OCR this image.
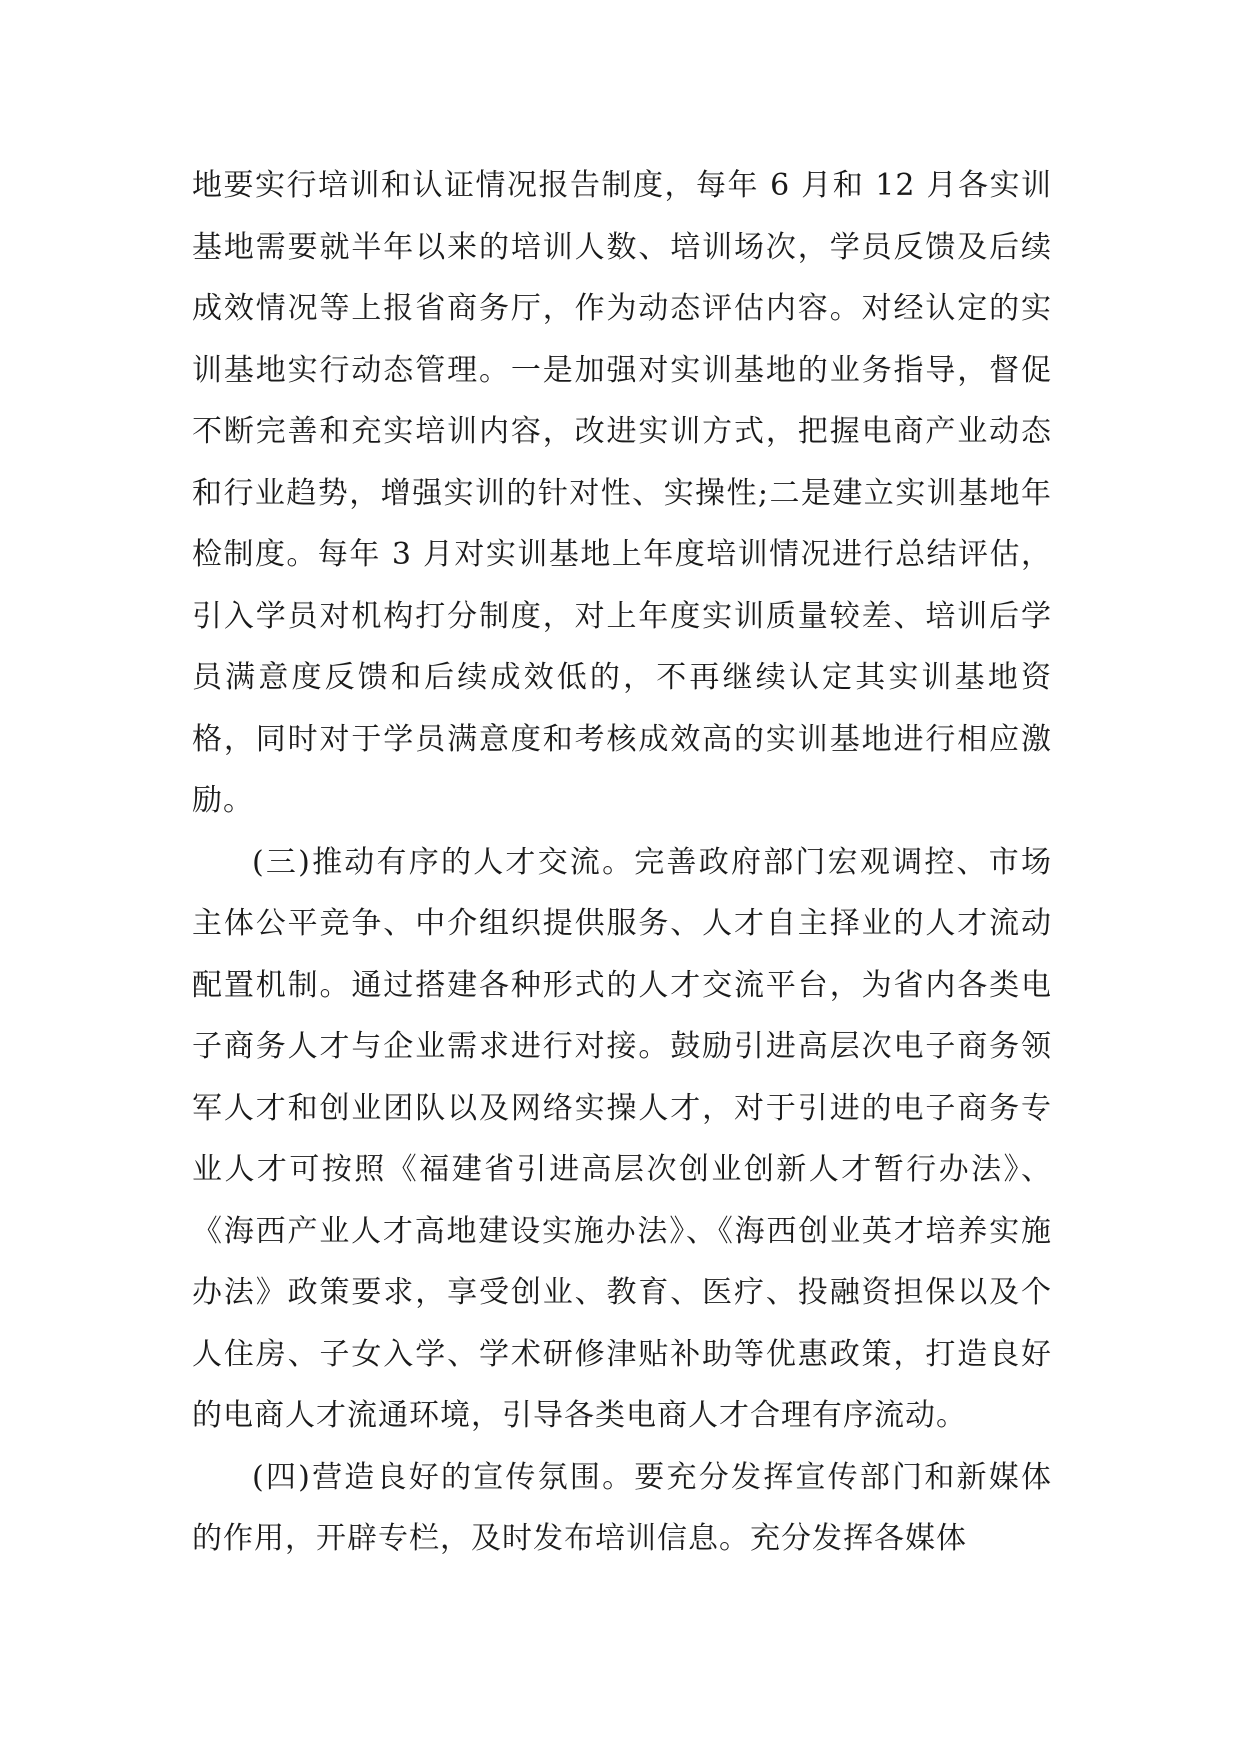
地要实行培训和认证情况报告制度，每年 6 月和 12 月各实训基地需要就半年以来的培训人数、培训场次，学员反馈及后续成效情况等上报省商务厅，作为动态评估内容。对经认定的实训基地实行动态管理。一是加强对实训基地的业务指导，督促不断完善和充实培训内容，改进实训方式，把握电商产业动态和行业趋势，增强实训的针对性、实操性;二是建立实训基地年检制度。每年 3 月对实训基地上年度培训情况进行总结评估，引入学员对机构打分制度，对上年度实训质量较差、培训后学员满意度反馈和后续成效低的，不再继续认定其实训基地资格，同时对于学员满意度和考核成效高的实训基地进行相应激励。

(三)推动有序的人才交流。完善政府部门宏观调控、市场主体公平竞争、中介组织提供服务、人才自主择业的人才流动配置机制。通过搭建各种形式的人才交流平台，为省内各类电子商务人才与企业需求进行对接。鼓励引进高层次电子商务领军人才和创业团队以及网络实操人才，对于引进的电子商务专业人才可按照《福建省引进高层次创业创新人才暂行办法》、《海西产业人才高地建设实施办法》、《海西创业英才培养实施办法》政策要求，享受创业、教育、医疗、投融资担保以及个人住房、子女入学、学术研修津贴补助等优惠政策，打造良好的电商人才流通环境，引导各类电商人才合理有序流动。

(四)营造良好的宣传氛围。要充分发挥宣传部门和新媒体的作用，开辟专栏，及时发布培训信息。充分发挥各媒体
